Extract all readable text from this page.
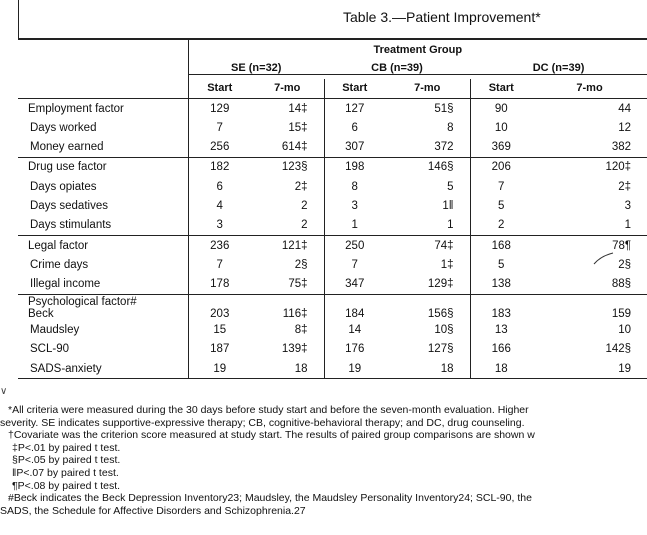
Table 3.—Patient Improvement*
	Treatment Group					
	SE (n=32)		CB (n=39)		DC (n=39)	
	Start	7-mo	Start	7-mo	Start	7-mo
Employment factor	129	14‡	127	51§	90	44
Days worked	7	15‡	6	8	10	12
Money earned	256	614‡	307	372	369	382
Drug use factor	182	123§	198	146§	206	120‡
Days opiates	6	2‡	8	5	7	2‡
Days sedatives	4	2	3	1‖	5	3
Days stimulants	3	2	1	1	2	1
Legal factor	236	121‡	250	74‡	168	78¶
Crime days	7	2§	7	1‡	5	2§
Illegal income	178	75‡	347	129‡	138	88§

Psychological factor#
Beck	203	116‡	184	156§	183	159
Maudsley	15	8‡	14	10§	13	10
SCL-90	187	139‡	176	127§	166	142§
SADS-anxiety	19	18	19	18	18	19
∨
*All criteria were measured during the 30 days before study start and before the seven-month evaluation. Higher
severity. SE indicates supportive-expressive therapy; CB, cognitive-behavioral therapy; and DC, drug counseling.
†Covariate was the criterion score measured at study start. The results of paired group comparisons are shown w
‡P<.01 by paired t test.
§P<.05 by paired t test.
‖P<.07 by paired t test.
¶P<.08 by paired t test.
#Beck indicates the Beck Depression Inventory23; Maudsley, the Maudsley Personality Inventory24; SCL-90, the
SADS, the Schedule for Affective Disorders and Schizophrenia.27
